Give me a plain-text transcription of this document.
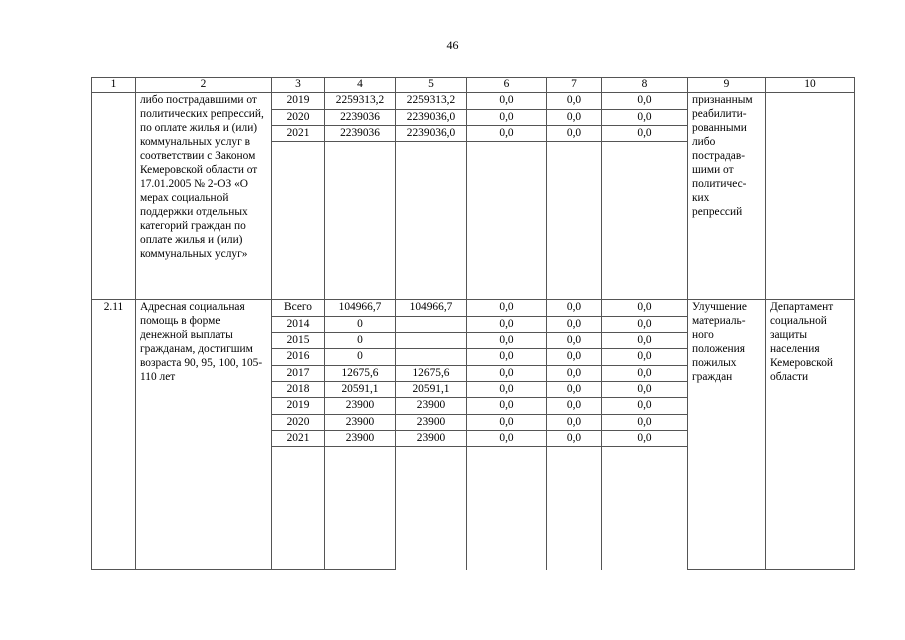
46
1	2	3	4	5	6	7	8	9	10
	либо пострадавшими от политических репрессий, по оплате жилья и (или) коммунальных услуг в соответствии с Законом Кемеровской области от 17.01.2005 № 2-ОЗ «О мерах социальной поддержки отдельных категорий граждан по оплате жилья и (или) коммунальных услуг»	2019	2259313,2	2259313,2	0,0	0,0	0,0	признанным реабилити-рованными либо пострадав-шими от политичес-ких репрессий	
		2020	2239036	2239036,0	0,0	0,0	0,0		
		2021	2239036	2239036,0	0,0	0,0	0,0		

2.11	Адресная социальная помощь в форме денежной выплаты гражданам, достигшим возраста 90, 95, 100, 105-110 лет	Всего	104966,7	104966,7	0,0	0,0	0,0	Улучшение материаль-ного положения пожилых граждан	Департамент социальной защиты населения Кемеровской области
		2014	0		0,0	0,0	0,0		
		2015	0		0,0	0,0	0,0		
		2016	0		0,0	0,0	0,0		
		2017	12675,6	12675,6	0,0	0,0	0,0		
		2018	20591,1	20591,1	0,0	0,0	0,0		
		2019	23900	23900	0,0	0,0	0,0		
		2020	23900	23900	0,0	0,0	0,0		
		2021	23900	23900	0,0	0,0	0,0		
